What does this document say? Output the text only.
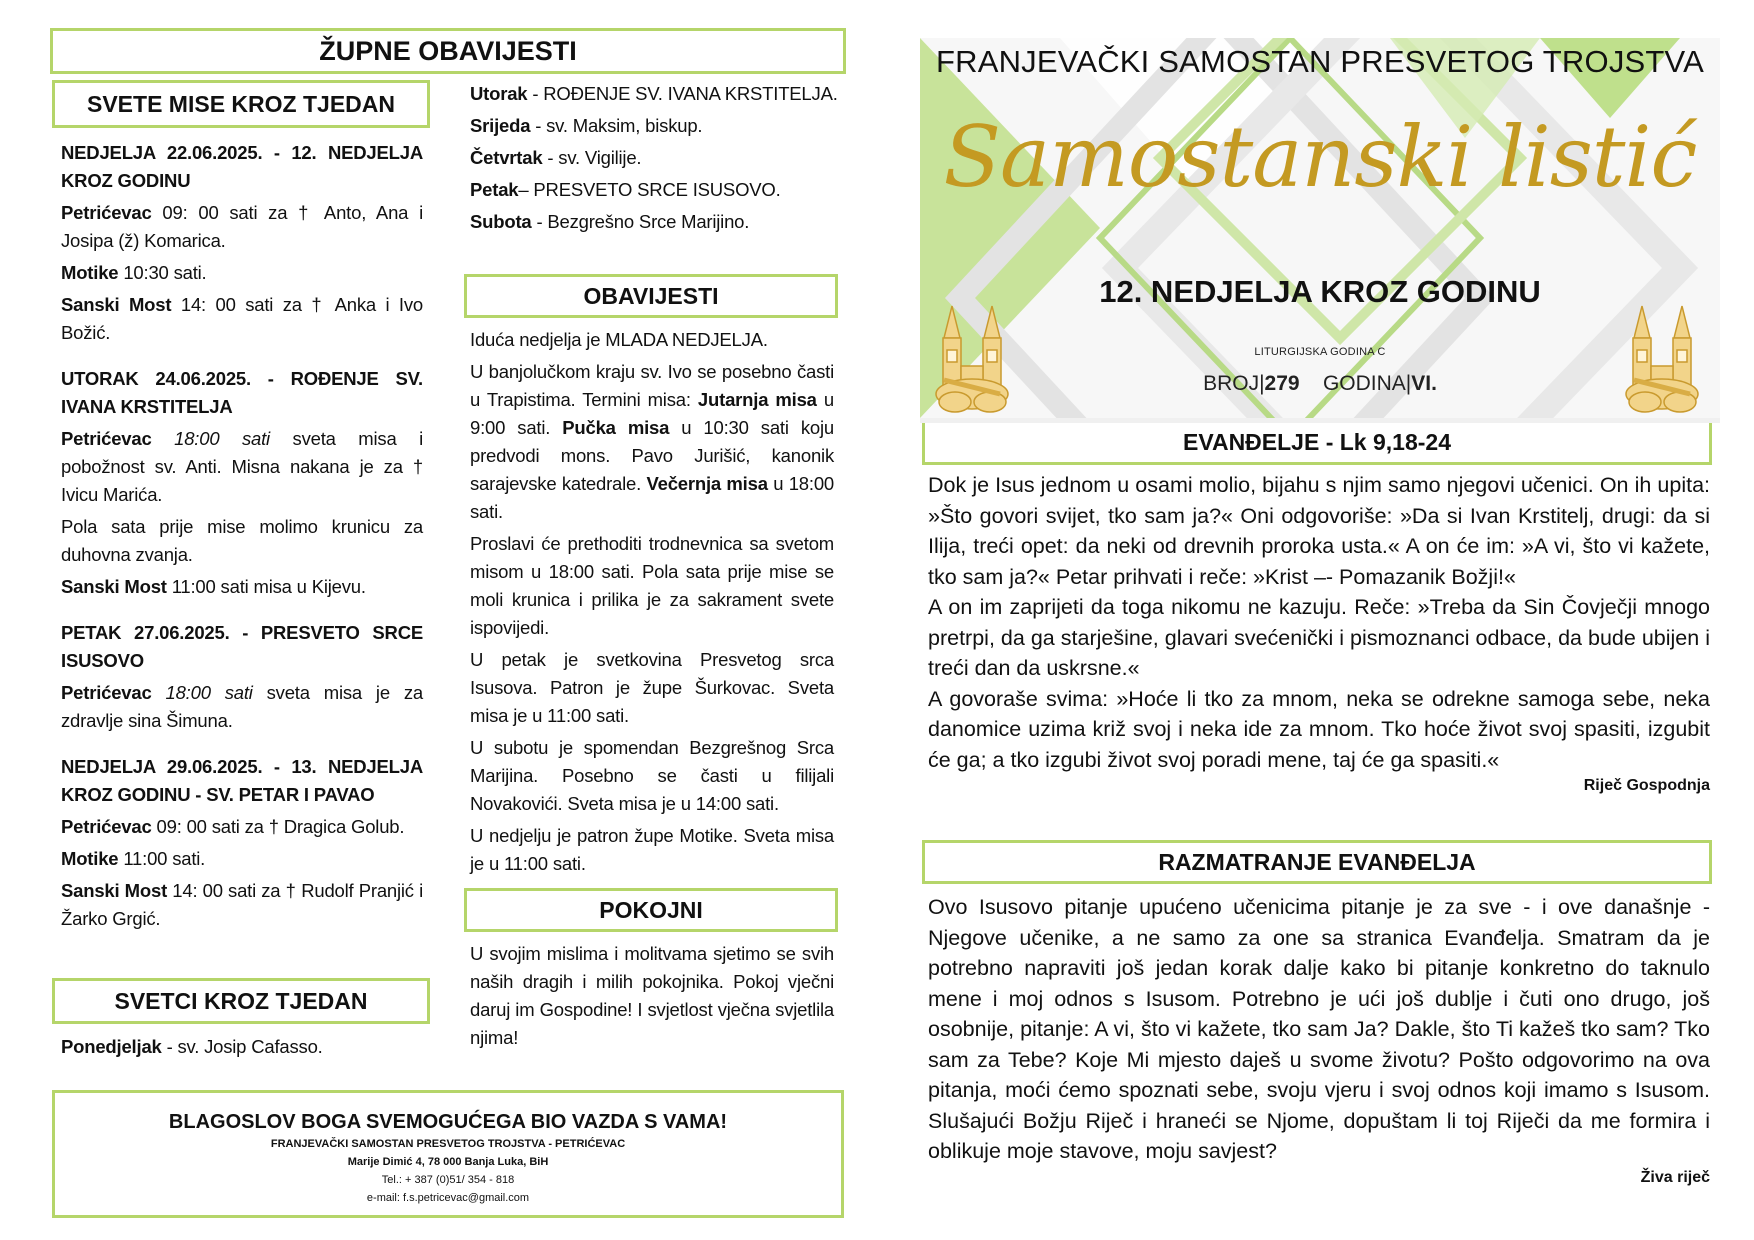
ŽUPNE OBAVIJESTI
SVETE MISE KROZ TJEDAN

NEDJELJA 22.06.2025. - 12. NEDJELJA KROZ GODINU

Petrićevac 09: 00 sati za † Anto, Ana i Josipa (ž) Komarica.

Motike 10:30 sati.

Sanski Most 14: 00 sati za † Anka i Ivo Božić.

UTORAK 24.06.2025. - ROĐENJE SV. IVANA KRSTITELJA

Petrićevac 18:00 sati sveta misa i pobožnost sv. Anti. Misna nakana je za † Ivicu Marića.

Pola sata prije mise molimo krunicu za duhovna zvanja.

Sanski Most 11:00 sati misa u Kijevu.

PETAK 27.06.2025. - PRESVETO SRCE ISUSOVO

Petrićevac 18:00 sati sveta misa je za zdravlje sina Šimuna.

NEDJELJA 29.06.2025. - 13. NEDJELJA KROZ GODINU - SV. PETAR I PAVAO

Petrićevac 09: 00 sati za † Dragica Golub.

Motike 11:00 sati.

Sanski Most 14: 00 sati za † Rudolf Pranjić i Žarko Grgić.

SVETCI KROZ TJEDAN

Ponedjeljak - sv. Josip Cafasso.

Utorak - ROĐENJE SV. IVANA KRSTITELJA.

Srijeda - sv. Maksim, biskup.

Četvrtak - sv. Vigilije.

Petak– PRESVETO SRCE ISUSOVO.

Subota - Bezgrešno Srce Marijino.

OBAVIJESTI

Iduća nedjelja je MLADA NEDJELJA.

U banjolučkom kraju sv. Ivo se posebno časti u Trapistima. Termini misa: Jutarnja misa u 9:00 sati. Pučka misa u 10:30 sati koju predvodi mons. Pavo Jurišić, kanonik sarajevske katedrale. Večernja misa u 18:00 sati.

Proslavi će prethoditi trodnevnica sa svetom misom u 18:00 sati. Pola sata prije mise se moli krunica i prilika je za sakrament svete ispovijedi.

U petak je svetkovina Presvetog srca Isusova. Patron je župe Šurkovac. Sveta misa je u 11:00 sati.

U subotu je spomendan Bezgrešnog Srca Marijina. Posebno se časti u filijali Novakovići. Sveta misa je u 14:00 sati.

U nedjelju je patron župe Motike. Sveta misa je u 11:00 sati.

POKOJNI

U svojim mislima i molitvama sjetimo se svih naših dragih i milih pokojnika. Pokoj vječni daruj im Gospodine! I svjetlost vječna svjetlila njima!

BLAGOSLOV BOGA SVEMOGUĆEGA BIO VAZDA S VAMA!
FRANJEVAČKI SAMOSTAN PRESVETOG TROJSTVA - PETRIĆEVAC
Marije Dimić 4, 78 000 Banja Luka, BiH
Tel.: + 387 (0)51/ 354 - 818
e-mail: f.s.petricevac@gmail.com
FRANJEVAČKI SAMOSTAN PRESVETOG TROJSTVA
Samostanski listić
12. NEDJELJA KROZ GODINU
LITURGIJSKA GODINA C
BROJ|279 GODINA|VI.
EVANĐELJE - Lk 9,18-24

Dok je Isus jednom u osami molio, bijahu s njim samo njegovi učenici. On ih upita: »Što govori svijet, tko sam ja?« Oni odgovoriše: »Da si Ivan Krstitelj, drugi: da si Ilija, treći opet: da neki od drevnih proroka usta.« A on će im: »A vi, što vi kažete, tko sam ja?« Petar prihvati i reče: »Krist –- Pomazanik Božji!«

A on im zaprijeti da toga nikomu ne kazuju. Reče: »Treba da Sin Čovječji mnogo pretrpi, da ga starješine, glavari svećenički i pismoznanci odbace, da bude ubijen i treći dan da uskrsne.«

A govoraše svima: »Hoće li tko za mnom, neka se odrekne samoga sebe, neka danomice uzima križ svoj i neka ide za mnom. Tko hoće život svoj spasiti, izgubit će ga; a tko izgubi život svoj poradi mene, taj će ga spasiti.«

Riječ Gospodnja

RAZMATRANJE EVANĐELJA

Ovo Isusovo pitanje upućeno učenicima pitanje je za sve - i ove današnje - Njegove učenike, a ne samo za one sa stranica Evanđelja. Smatram da je potrebno napraviti još jedan korak dalje kako bi pitanje konkretno do taknulo mene i moj odnos s Isusom. Potrebno je ući još dublje i čuti ono drugo, još osobnije, pitanje: A vi, što vi kažete, tko sam Ja? Dakle, što Ti kažeš tko sam? Tko sam za Tebe? Koje Mi mjesto daješ u svome životu? Pošto odgovorimo na ova pitanja, moći ćemo spoznati sebe, svoju vjeru i svoj odnos koji imamo s Isusom. Slušajući Božju Riječ i hraneći se Njome, dopuštam li toj Riječi da me formira i oblikuje moje stavove, moju savjest?

Živa riječ
